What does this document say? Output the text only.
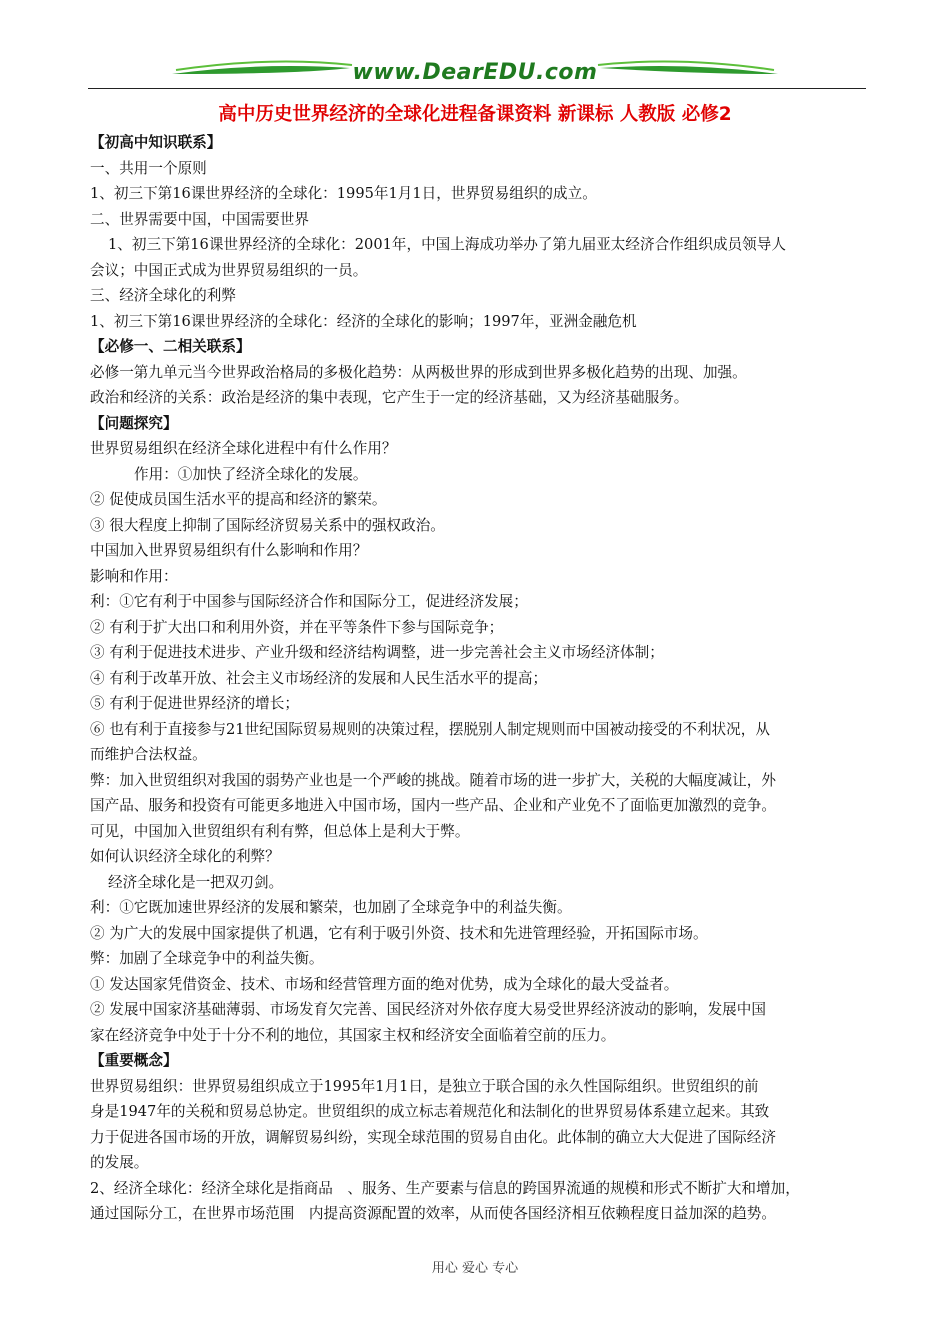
www.DearEDU.com
高中历史世界经济的全球化进程备课资料 新课标 人教版 必修2

【初高中知识联系】

一、共用一个原则

1、初三下第16课世界经济的全球化：1995年1月1日，世界贸易组织的成立。

二、世界需要中国，中国需要世界

1、初三下第16课世界经济的全球化：2001年，中国上海成功举办了第九届亚太经济合作组织成员领导人

会议；中国正式成为世界贸易组织的一员。

三、经济全球化的利弊

1、初三下第16课世界经济的全球化：经济的全球化的影响；1997年，亚洲金融危机

【必修一、二相关联系】

必修一第九单元当今世界政治格局的多极化趋势：从两极世界的形成到世界多极化趋势的出现、加强。

政治和经济的关系：政治是经济的集中表现，它产生于一定的经济基础，又为经济基础服务。

【问题探究】

世界贸易组织在经济全球化进程中有什么作用？

作用：①加快了经济全球化的发展。

② 促使成员国生活水平的提高和经济的繁荣。

③ 很大程度上抑制了国际经济贸易关系中的强权政治。

中国加入世界贸易组织有什么影响和作用？

影响和作用：

利：①它有利于中国参与国际经济合作和国际分工，促进经济发展；

② 有利于扩大出口和利用外资，并在平等条件下参与国际竞争；

③ 有利于促进技术进步、产业升级和经济结构调整，进一步完善社会主义市场经济体制；

④ 有利于改革开放、社会主义市场经济的发展和人民生活水平的提高；

⑤ 有利于促进世界经济的增长；

⑥ 也有利于直接参与21世纪国际贸易规则的决策过程，摆脱别人制定规则而中国被动接受的不利状况，从

而维护合法权益。

弊：加入世贸组织对我国的弱势产业也是一个严峻的挑战。随着市场的进一步扩大，关税的大幅度减让，外

国产品、服务和投资有可能更多地进入中国市场，国内一些产品、企业和产业免不了面临更加激烈的竞争。

可见，中国加入世贸组织有利有弊，但总体上是利大于弊。

如何认识经济全球化的利弊？

经济全球化是一把双刃剑。

利：①它既加速世界经济的发展和繁荣，也加剧了全球竞争中的利益失衡。

② 为广大的发展中国家提供了机遇，它有利于吸引外资、技术和先进管理经验，开拓国际市场。

弊：加剧了全球竞争中的利益失衡。

① 发达国家凭借资金、技术、市场和经营管理方面的绝对优势，成为全球化的最大受益者。

② 发展中国家济基础薄弱、市场发育欠完善、国民经济对外依存度大易受世界经济波动的影响，发展中国

家在经济竞争中处于十分不利的地位，其国家主权和经济安全面临着空前的压力。

【重要概念】

世界贸易组织：世界贸易组织成立于1995年1月1日，是独立于联合国的永久性国际组织。世贸组织的前

身是1947年的关税和贸易总协定。世贸组织的成立标志着规范化和法制化的世界贸易体系建立起来。其致

力于促进各国市场的开放，调解贸易纠纷，实现全球范围的贸易自由化。此体制的确立大大促进了国际经济

的发展。

2、经济全球化：经济全球化是指商品　、服务、生产要素与信息的跨国界流通的规模和形式不断扩大和增加，

通过国际分工，在世界市场范围　内提高资源配置的效率，从而使各国经济相互依赖程度日益加深的趋势。

用心 爱心 专心
